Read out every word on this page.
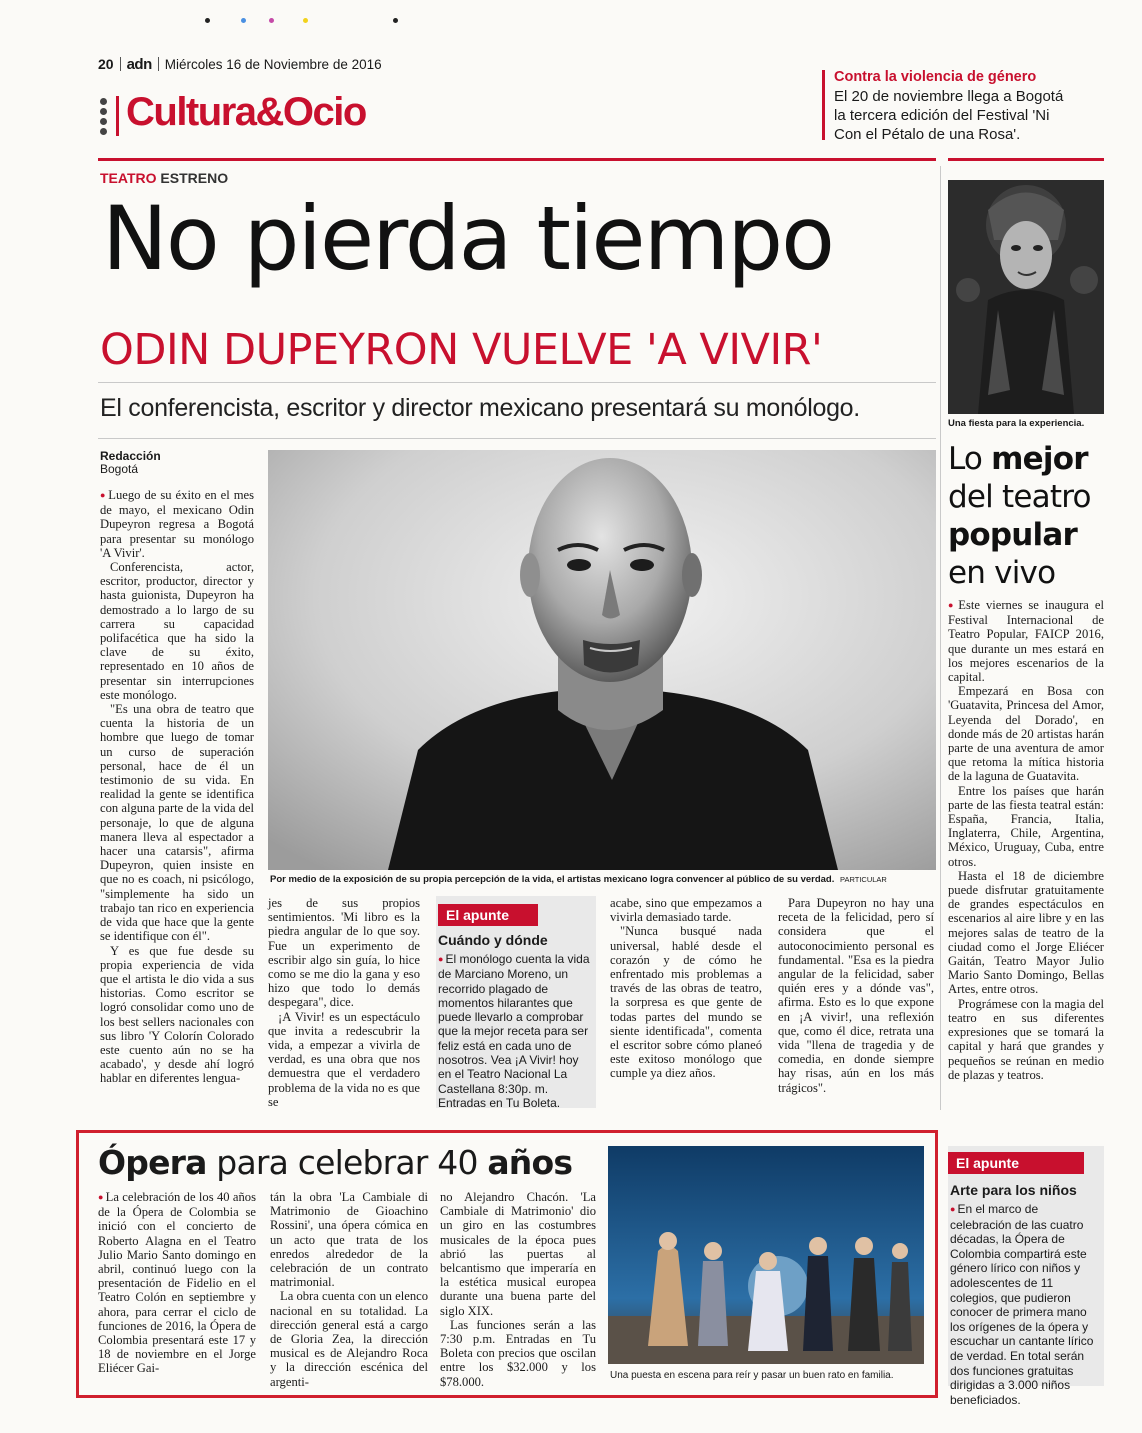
20 adn Miércoles 16 de Noviembre de 2016
Cultura&Ocio
Contra la violencia de género
El 20 de noviembre llega a Bogotá
la tercera edición del Festival 'Ni
Con el Pétalo de una Rosa'.
TEATRO ESTRENO
No pierda tiempo
ODIN DUPEYRON VUELVE 'A VIVIR'
El conferencista, escritor y director mexicano presentará su monólogo.
Redacción
Bogotá

● Luego de su éxito en el mes de mayo, el mexicano Odin Dupeyron regresa a Bogotá para presentar su monólogo 'A Vivir'.

Conferencista, actor, escritor, productor, director y hasta guionista, Dupeyron ha demostrado a lo largo de su carrera su capacidad polifacética que ha sido la clave de su éxito, representado en 10 años de presentar sin interrupciones este monólogo.

"Es una obra de teatro que cuenta la historia de un hombre que luego de tomar un curso de superación personal, hace de él un testimonio de su vida. En realidad la gente se identifica con alguna parte de la vida del personaje, lo que de alguna manera lleva al espectador a hacer una catarsis", afirma Dupeyron, quien insiste en que no es coach, ni psicólogo, "simplemente ha sido un trabajo tan rico en experiencia de vida que hace que la gente se identifique con él".

Y es que fue desde su propia experiencia de vida que el artista le dio vida a sus historias. Como escritor se logró consolidar como uno de los best sellers nacionales con sus libro 'Y Colorín Colorado este cuento aún no se ha acabado', y desde ahí logró hablar en diferentes lengua-

Por medio de la exposición de su propia percepción de la vida, el artistas mexicano logra convencer al público de su verdad. PARTICULAR

jes de sus propios sentimientos. 'Mi libro es la piedra angular de lo que soy. Fue un experimento de escribir algo sin guía, lo hice como se me dio la gana y eso hizo que todo lo demás despegara", dice.

¡A Vivir! es un espectáculo que invita a redescubrir la vida, a empezar a vivirla de verdad, es una obra que nos demuestra que el verdadero problema de la vida no es que se

El apunte
Cuándo y dónde
● El monólogo cuenta la vida de Marciano Moreno, un recorrido plagado de momentos hilarantes que puede llevarlo a comprobar que la mejor receta para ser feliz está en cada uno de nosotros. Vea ¡A Vivir! hoy en el Teatro Nacional La Castellana 8:30p. m. Entradas en Tu Boleta.

acabe, sino que empezamos a vivirla demasiado tarde.

"Nunca busqué nada universal, hablé desde el corazón y de cómo he enfrentado mis problemas a través de las obras de teatro, la sorpresa es que gente de todas partes del mundo se siente identificada", comenta el escritor sobre cómo planeó este exitoso monólogo que cumple ya diez años.

Para Dupeyron no hay una receta de la felicidad, pero sí considera que el autoconocimiento personal es fundamental. "Esa es la piedra angular de la felicidad, saber quién eres y a dónde vas", afirma. Esto es lo que expone en ¡A vivir!, una reflexión que, como él dice, retrata una vida "llena de tragedia y de comedia, en donde siempre hay risas, aún en los más trágicos".

Una fiesta para la experiencia.
Lo mejor
del teatro
popular
en vivo

● Este viernes se inaugura el Festival Internacional de Teatro Popular, FAICP 2016, que durante un mes estará en los mejores escenarios de la capital.

Empezará en Bosa con 'Guatavita, Princesa del Amor, Leyenda del Dorado', en donde más de 20 artistas harán parte de una aventura de amor que retoma la mítica historia de la laguna de Guatavita.

Entre los países que harán parte de las fiesta teatral están: España, Francia, Italia, Inglaterra, Chile, Argentina, México, Uruguay, Cuba, entre otros.

Hasta el 18 de diciembre puede disfrutar gratuitamente de grandes espectáculos en escenarios al aire libre y en las mejores salas de teatro de la ciudad como el Jorge Eliécer Gaitán, Teatro Mayor Julio Mario Santo Domingo, Bellas Artes, entre otros.

Prográmese con la magia del teatro en sus diferentes expresiones que se tomará la capital y hará que grandes y pequeños se reúnan en medio de plazas y teatros.

Ópera para celebrar 40 años
● La celebración de los 40 años de la Ópera de Colombia se inició con el concierto de Roberto Alagna en el Teatro Julio Mario Santo domingo en abril, continuó luego con la presentación de Fidelio en el Teatro Colón en septiembre y ahora, para cerrar el ciclo de funciones de 2016, la Ópera de Colombia presentará este 17 y 18 de noviembre en el Jorge Eliécer Gai-

tán la obra 'La Cambiale di Matrimonio de Gioachino Rossini', una ópera cómica en un acto que trata de los enredos alrededor de la celebración de un contrato matrimonial.

La obra cuenta con un elenco nacional en su totalidad. La dirección general está a cargo de Gloria Zea, la dirección musical es de Alejandro Roca y la dirección escénica del argenti-

no Alejandro Chacón. 'La Cambiale di Matrimonio' dio un giro en las costumbres musicales de la época pues abrió las puertas al belcantismo que imperaría en la estética musical europea durante una buena parte del siglo XIX.

Las funciones serán a las 7:30 p.m. Entradas en Tu Boleta con precios que oscilan entre los $32.000 y los $78.000.	Una puesta en escena para reír y pasar un buen rato en familia.
El apunte
Arte para los niños
● En el marco de celebración de las cuatro décadas, la Ópera de Colombia compartirá este género lírico con niños y adolescentes de 11 colegios, que pudieron conocer de primera mano los orígenes de la ópera y escuchar un cantante lírico de verdad. En total serán dos funciones gratuitas dirigidas a 3.000 niños beneficiados.
